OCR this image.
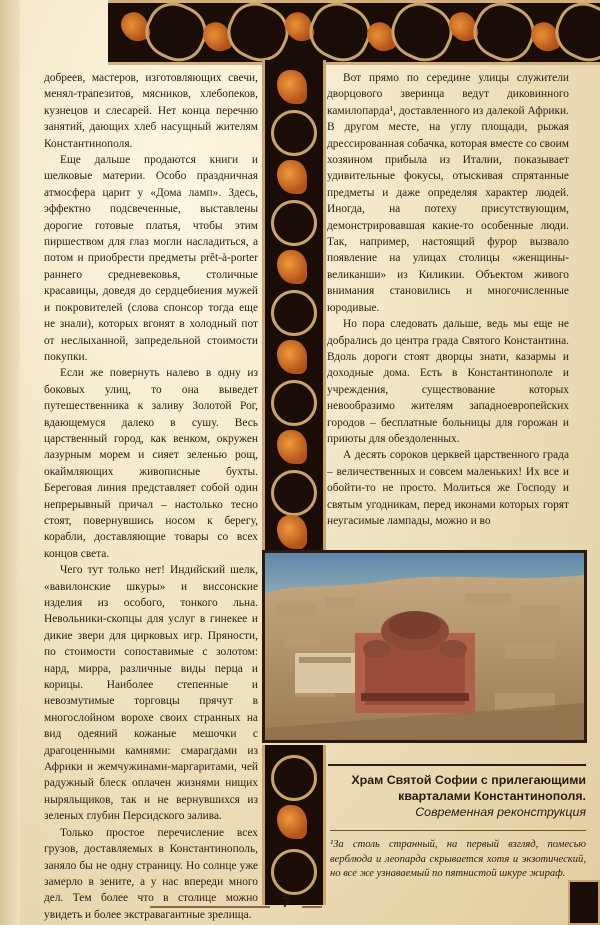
добреев, мастеров, изготовляющих свечи, менял-трапезитов, мясников, хлебопеков, кузнецов и слесарей. Нет конца перечню занятий, дающих хлеб насущный жителям Константинополя.

Еще дальше продаются книги и шелковые материи. Особо праздничная атмосфера царит у «Дома ламп». Здесь, эффектно подсвеченные, выставлены дорогие готовые платья, чтобы этим пиршеством для глаз могли насладиться, а потом и приобрести предметы prêt-à-porter раннего средневековья, столичные красавицы, доведя до сердцебиения мужей и покровителей (слова спонсор тогда еще не знали), которых вгонят в холодный пот от неслыханной, запредельной стоимости покупки.

Если же повернуть налево в одну из боковых улиц, то она выведет путешественника к заливу Золотой Рог, вдающемуся далеко в сушу. Весь царственный город, как венком, окружен лазурным морем и сияет зеленью рощ, окаймляющих живописные бухты. Береговая линия представляет собой один непрерывный причал – настолько тесно стоят, повернувшись носом к берегу, корабли, доставляющие товары со всех концов света.

Чего тут только нет! Индийский шелк, «вавилонские шкуры» и виссонские изделия из особого, тонкого льна. Невольники-скопцы для услуг в гинекее и дикие звери для цирковых игр. Пряности, по стоимости сопоставимые с золотом: нард, мирра, различные виды перца и корицы. Наиболее степенные и невозмутимые торговцы прячут в многослойном ворохе своих странных на вид одеяний кожаные мешочки с драгоценными камнями: смарагдами из Африки и жемчужинами-маргаритами, чей радужный блеск оплачен жизнями нищих ныряльщиков, так и не вернувшихся из зеленых глубин Персидского залива.

Только простое перечисление всех грузов, доставляемых в Константинополь, заняло бы не одну страницу. Но солнце уже замерло в зените, а у нас впереди много дел. Тем более что в столице можно увидеть и более экстравагантные зрелища.

Вот прямо по середине улицы служители дворцового зверинца ведут диковинного камилопарда¹, доставленного из далекой Африки. В другом месте, на углу площади, рыжая дрессированная собачка, которая вместе со своим хозяином прибыла из Италии, показывает удивительные фокусы, отыскивая спрятанные предметы и даже определяя характер людей. Иногда, на потеху присутствующим, демонстрировавшая какие-то особенные люди. Так, например, настоящий фурор вызвало появление на улицах столицы «женщины-великанши» из Киликии. Объектом живого внимания становились и многочисленные юродивые.

Но пора следовать дальше, ведь мы еще не добрались до центра града Святого Константина. Вдоль дороги стоят дворцы знати, казармы и доходные дома. Есть в Константинополе и учреждения, существование которых невообразимо жителям западноевропейских городов – бесплатные больницы для горожан и приюты для обездоленных.

А десять сороков церквей царственного града – величественных и совсем маленьких! Их все и обойти-то не просто. Молиться же Господу и святым угодникам, перед иконами которых горят неугасимые лампады, можно и во

Храм Святой Софии с прилегающими кварталами Константинополя.
Современная реконструкция
¹За столь странный, на первый взгляд, помесью верблюда и леопарда скрывается хотя и экзотический, но все же узнаваемый по пятнистой шкуре жираф.
7
